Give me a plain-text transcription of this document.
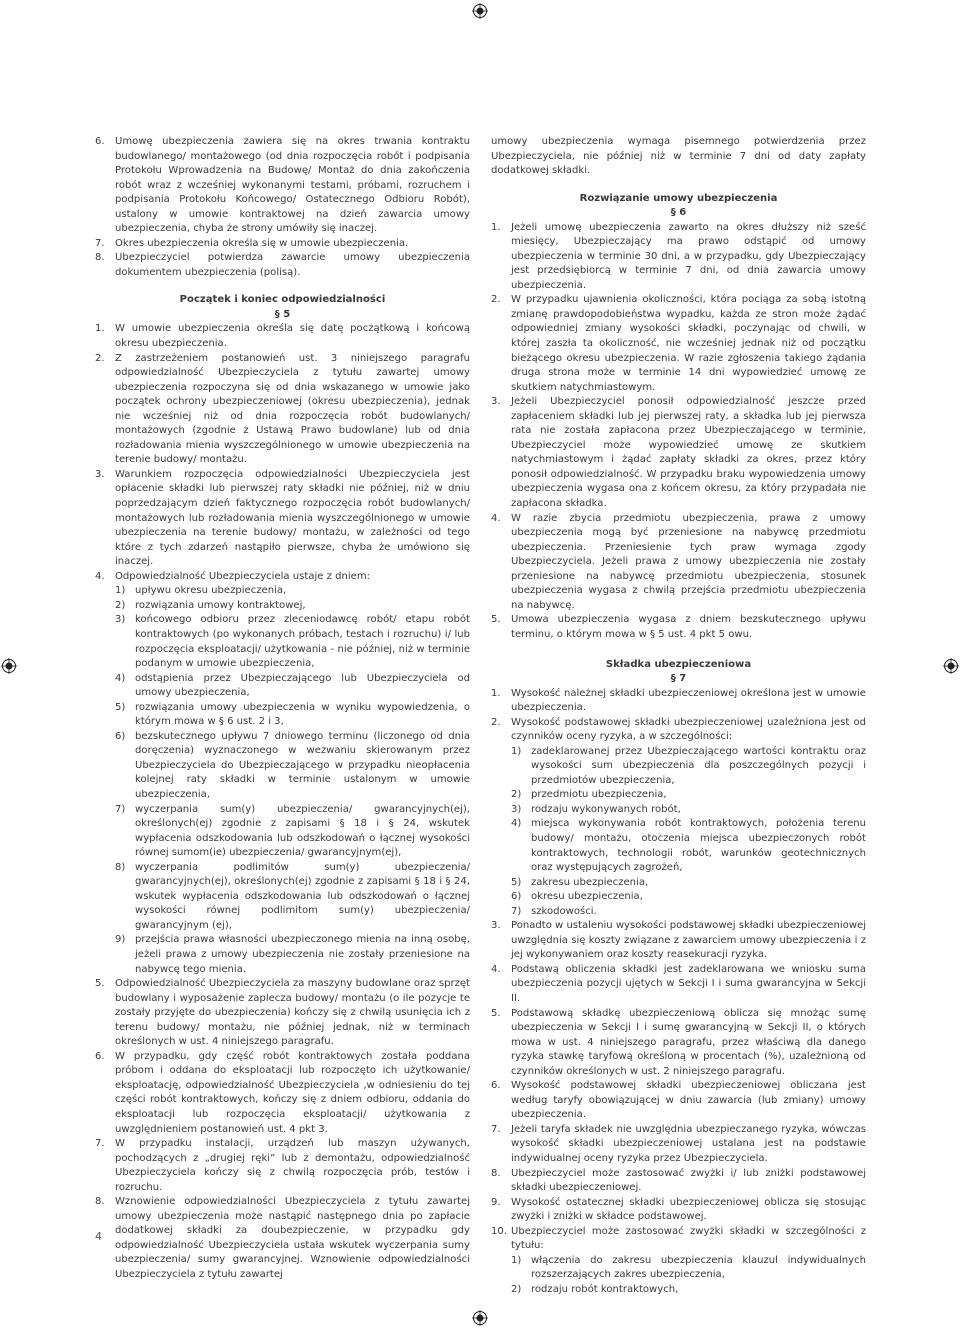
6.	Umowę ubezpieczenia zawiera się na okres trwania kontraktu budowlanego/ montażowego (od dnia rozpoczęcia robót i podpisania Protokołu Wprowadzenia na Budowę/ Montaż do dnia zakończenia robót wraz z wcześniej wykonanymi testami, próbami, rozruchem i podpisania Protokołu Końcowego/ Ostatecznego Odbioru Robót), ustalony w umowie kontraktowej na dzień zawarcia umowy ubezpieczenia, chyba że strony umówiły się inaczej.
7.	Okres ubezpieczenia określa się w umowie ubezpieczenia.
8.	Ubezpieczyciel potwierdza zawarcie umowy ubezpieczenia dokumentem ubezpieczenia (polisą).
Początek i koniec odpowiedzialności
§ 5
1.	W umowie ubezpieczenia określa się datę początkową i końcową okresu ubezpieczenia.
2.	Z zastrzeżeniem postanowień ust. 3 niniejszego paragrafu odpowiedzialność Ubezpieczyciela z tytułu zawartej umowy ubezpieczenia rozpoczyna się od dnia wskazanego w umowie jako początek ochrony ubezpieczeniowej (okresu ubezpieczenia), jednak nie wcześniej niż od dnia rozpoczęcia robót budowlanych/ montażowych (zgodnie z Ustawą Prawo budowlane) lub od dnia rozładowania mienia wyszczególnionego w umowie ubezpieczenia na terenie budowy/ montażu.
3.	Warunkiem rozpoczęcia odpowiedzialności Ubezpieczyciela jest opłacenie składki lub pierwszej raty składki nie później, niż w dniu poprzedzającym dzień faktycznego rozpoczęcia robót budowlanych/ montażowych lub rozładowania mienia wyszczególnionego w umowie ubezpieczenia na terenie budowy/ montażu, w zależności od tego które z tych zdarzeń nastąpiło pierwsze, chyba że umówiono się inaczej.
4.	Odpowiedzialność Ubezpieczyciela ustaje z dniem:
1) upływu okresu ubezpieczenia,
2) rozwiązania umowy kontraktowej,
3) końcowego odbioru przez zleceniodawcę robót/ etapu robót kontraktowych (po wykonanych próbach, testach i rozruchu) i/ lub rozpoczęcia eksploatacji/ użytkowania - nie później, niż w terminie podanym w umowie ubezpieczenia,
4) odstąpienia przez Ubezpieczającego lub Ubezpieczyciela od umowy ubezpieczenia,
5) rozwiązania umowy ubezpieczenia w wyniku wypowiedzenia, o którym mowa w § 6 ust. 2 i 3,
6) bezskutecznego upływu 7 dniowego terminu (liczonego od dnia doręczenia) wyznaczonego w wezwaniu skierowanym przez Ubezpieczyciela do Ubezpieczającego w przypadku nieopłacenia kolejnej raty składki w terminie ustalonym w umowie ubezpieczenia,
7) wyczerpania sum(y) ubezpieczenia/ gwarancyjnych(ej), określonych(ej) zgodnie z zapisami § 18 i § 24, wskutek wypłacenia odszkodowania lub odszkodowań o łącznej wysokości równej sumom(ie) ubezpieczenia/ gwarancyjnym(ej),
8) wyczerpania podlimitów sum(y) ubezpieczenia/ gwarancyjnych(ej), określonych(ej) zgodnie z zapisami § 18 i § 24, wskutek wypłacenia odszkodowania lub odszkodowań o łącznej wysokości równej podlimitom sum(y) ubezpieczenia/ gwarancyjnym (ej),
9) przejścia prawa własności ubezpieczonego mienia na inną osobę, jeżeli prawa z umowy ubezpieczenia nie zostały przeniesione na nabywcę tego mienia.
5.	Odpowiedzialność Ubezpieczyciela za maszyny budowlane oraz sprzęt budowlany i wyposażenie zaplecza budowy/ montażu (o ile pozycje te zostały przyjęte do ubezpieczenia) kończy się z chwilą usunięcia ich z terenu budowy/ montażu, nie później jednak, niż w terminach określonych w ust. 4 niniejszego paragrafu.
6.	W przypadku, gdy część robót kontraktowych została poddana próbom i oddana do eksploatacji lub rozpoczęto ich użytkowanie/ eksploatację, odpowiedzialność Ubezpieczyciela ,w odniesieniu do tej części robót kontraktowych, kończy się z dniem odbioru, oddania do eksploatacji lub rozpoczęcia eksploatacji/ użytkowania z uwzględnieniem postanowień ust. 4 pkt 3.
7.	W przypadku instalacji, urządzeń lub maszyn używanych, pochodzących z „drugiej ręki” lub z demontażu, odpowiedzialność Ubezpieczyciela kończy się z chwilą rozpoczęcia prób, testów i rozruchu.
8.	Wznowienie odpowiedzialności Ubezpieczyciela z tytułu zawartej umowy ubezpieczenia może nastąpić następnego dnia po zapłacie dodatkowej składki za doubezpieczenie, w przypadku gdy odpowiedzialność Ubezpieczyciela ustała wskutek wyczerpania sumy ubezpieczenia/ sumy gwarancyjnej. Wznowienie odpowiedzialności Ubezpieczyciela z tytułu zawartej
umowy ubezpieczenia wymaga pisemnego potwierdzenia przez Ubezpieczyciela, nie później niż w terminie 7 dni od daty zapłaty dodatkowej składki.
Rozwiązanie umowy ubezpieczenia
§ 6
1.	Jeżeli umowę ubezpieczenia zawarto na okres dłuższy niż sześć miesięcy, Ubezpieczający ma prawo odstąpić od umowy ubezpieczenia w terminie 30 dni, a w przypadku, gdy Ubezpieczający jest przedsiębiorcą w terminie 7 dni, od dnia zawarcia umowy ubezpieczenia.
2.	W przypadku ujawnienia okoliczności, która pociąga za sobą istotną zmianę prawdopodobieństwa wypadku, każda ze stron może żądać odpowiedniej zmiany wysokości składki, poczynając od chwili, w której zaszła ta okoliczność, nie wcześniej jednak niż od początku bieżącego okresu ubezpieczenia. W razie zgłoszenia takiego żądania druga strona może w terminie 14 dni wypowiedzieć umowę ze skutkiem natychmiastowym.
3.	Jeżeli Ubezpieczyciel ponosił odpowiedzialność jeszcze przed zapłaceniem składki lub jej pierwszej raty, a składka lub jej pierwsza rata nie została zapłacona przez Ubezpieczającego w terminie, Ubezpieczyciel może wypowiedzieć umowę ze skutkiem natychmiastowym i żądać zapłaty składki za okres, przez który ponosił odpowiedzialność. W przypadku braku wypowiedzenia umowy ubezpieczenia wygasa ona z końcem okresu, za który przypadała nie zapłacona składka.
4.	W razie zbycia przedmiotu ubezpieczenia, prawa z umowy ubezpieczenia mogą być przeniesione na nabywcę przedmiotu ubezpieczenia. Przeniesienie tych praw wymaga zgody Ubezpieczyciela. Jeżeli prawa z umowy ubezpieczenia nie zostały przeniesione na nabywcę przedmiotu ubezpieczenia, stosunek ubezpieczenia wygasa z chwilą przejścia przedmiotu ubezpieczenia na nabywcę.
5.	Umowa ubezpieczenia wygasa z dniem bezskutecznego upływu terminu, o którym mowa w § 5 ust. 4 pkt 5 owu.
Składka ubezpieczeniowa
§ 7
1.	Wysokość należnej składki ubezpieczeniowej określona jest w umowie ubezpieczenia.
2.	Wysokość podstawowej składki ubezpieczeniowej uzależniona jest od czynników oceny ryzyka, a w szczególności:
1) zadeklarowanej przez Ubezpieczającego wartości kontraktu oraz wysokości sum ubezpieczenia dla poszczególnych pozycji i przedmiotów ubezpieczenia,
2) przedmiotu ubezpieczenia,
3) rodzaju wykonywanych robót,
4) miejsca wykonywania robót kontraktowych, położenia terenu budowy/ montażu, otoczenia miejsca ubezpieczonych robót kontraktowych, technologii robót, warunków geotechnicznych oraz występujących zagrożeń,
5) zakresu ubezpieczenia,
6) okresu ubezpieczenia,
7) szkodowości.
3.	Ponadto w ustaleniu wysokości podstawowej składki ubezpieczeniowej uwzględnia się koszty związane z zawarciem umowy ubezpieczenia i z jej wykonywaniem oraz koszty reasekuracji ryzyka.
4.	Podstawą obliczenia składki jest zadeklarowana we wniosku suma ubezpieczenia pozycji ujętych w Sekcji I i suma gwarancyjna w Sekcji II.
5.	Podstawową składkę ubezpieczeniową oblicza się mnożąc sumę ubezpieczenia w Sekcji I i sumę gwarancyjną w Sekcji II, o których mowa w ust. 4 niniejszego paragrafu, przez właściwą dla danego ryzyka stawkę taryfową określoną w procentach (%), uzależnioną od czynników określonych w ust. 2 niniejszego paragrafu.
6.	Wysokość podstawowej składki ubezpieczeniowej obliczana jest według taryfy obowiązującej w dniu zawarcia (lub zmiany) umowy ubezpieczenia.
7.	Jeżeli taryfa składek nie uwzględnia ubezpieczanego ryzyka, wówczas wysokość składki ubezpieczeniowej ustalana jest na podstawie indywidualnej oceny ryzyka przez Ubezpieczyciela.
8.	Ubezpieczyciel może zastosować zwyżki i/ lub zniżki podstawowej składki ubezpieczeniowej.
9.	Wysokość ostatecznej składki ubezpieczeniowej oblicza się stosując zwyżki i zniżki w składce podstawowej.
10. Ubezpieczyciel może zastosować zwyżki składki w szczególności z tytułu:
1) włączenia do zakresu ubezpieczenia klauzul indywidualnych rozszerzających zakres ubezpieczenia,
2) rodzaju robót kontraktowych,
4
